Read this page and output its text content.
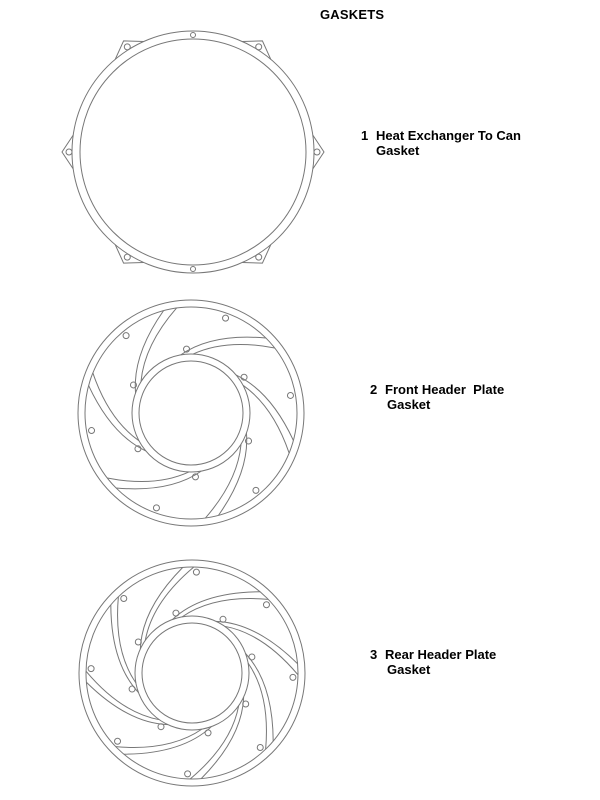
GASKETS
1 Heat Exchanger To Can
Gasket
2 Front Header  Plate
Gasket
3 Rear Header Plate
Gasket
